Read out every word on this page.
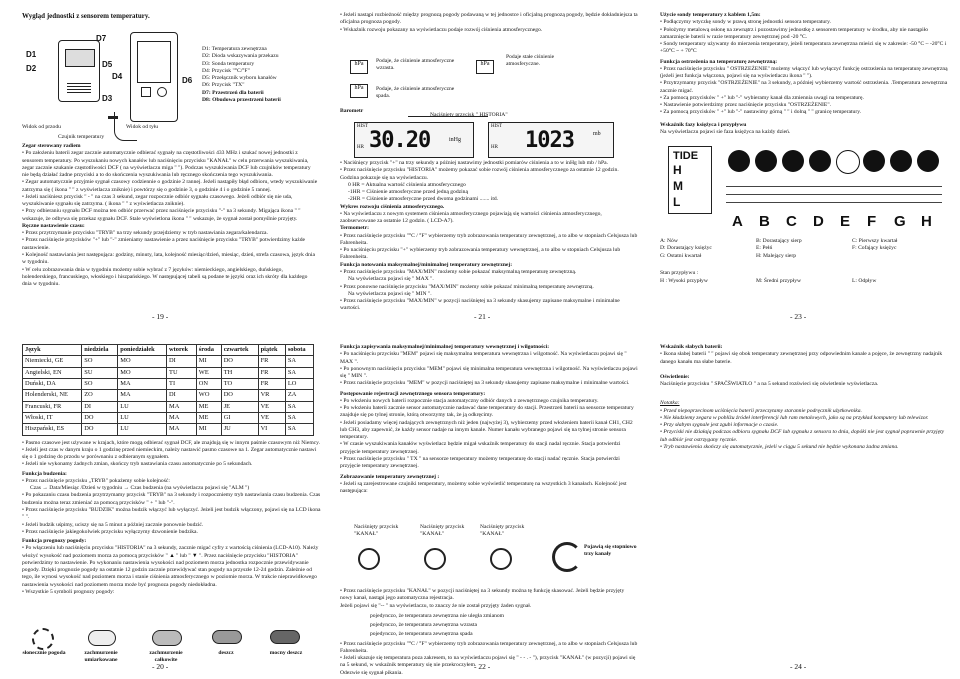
Wygląd jednostki z sensorem temperatury.
D1
D2
D7
D5
D4
D3
D6
D1: Temperatura zewnętrzna
D2: Dioda wskazywania przekazu
D3: Sonda temperatury
D4: Przycisk "°C/°F"
D5: Przełącznik wyboru kanałów
D6: Przycisk "TX"
D7: Przestrzeń dla baterii
D8: Obudowa przestrzeni baterii
Widok od przodu	Widok od tyłu
Czujnik temperatury
Zegar sterowany radiem

• Po założeniu baterii zegar zacznie automatycznie odbierać sygnały na częstotliwości 433 MHz i szukać nowej jednostki z sensorem temperatury. Po wyszukaniu nowych kanałów lub naciśnięciu przycisku "KANAŁ" w celu przerwania wyszukiwania, zegar zacznie szukanie częstotliwości DCF ( na wyświetlaczu miga " "). Podczas wyszukiwania DCF lub czujników temperatury nie będą działać żadne przyciski a to do skończenia wyszukiwania lub ręcznego skończenia tego wyszukiwania.

• Zegar automatycznie przyjmie sygnał czasowy codziennie o godzinie 2 rannej. Jeżeli nastąpiły błąd odbioru, wtedy wyszukiwanie zatrzyma się ( ikona " " z wyświetlacza zniknie) i powtórzy się o godzinie 3, o godzinie 4 i o godzinie 5 rannej.

• Jeżeli naciśniesz przycisk " - " na czas 3 sekund, zegar rozpocznie odbiór sygnału czasowego. Jeżeli odbiór się nie uda, wyszukiwanie sygnału się zatrzyma. ( ikona " " z wyświetlacza zniknie).

• Przy odbieraniu sygnału DCF można ten odbiór przerwać przez naciśnięcie przycisku "-" na 3 sekundy. Migająca ikona " " wskazuje, że odbywa się przekaz sygnału DCF. Stale wyświetlona ikona " " wskazuje, że sygnał został pomyślnie przyjęty.

Ręczne nastawienie czasu:

• Przez przytrzymanie przycisku "TRYB" na trzy sekundy przejdziemy w tryb nastawiania zegara/kalendarza.

• Przez naciśnięcie przycisków "+" lub "-" zmieniamy nastawienie a przez naciśnięcie przycisku "TRYB" potwierdzimy każde nastawienie.

• Kolejność nastawiania jest następująca: godziny, minuty, lata, kolejność miesiąc/dzień, miesiąc, dzień, strefa czasowa, język dnia w tygodniu.

• W celu zobrazowania dnia w tygodniu możemy sobie wybrać z 7 języków: niemieckiego, angielskiego, duńskiego, holenderskiego, francuskiego, włoskiego i hiszpańskiego. W następującej tabeli są podane te języki oraz ich skróty dla każdego dnia w tygodniu.

- 19 -

• Jeżeli nastąpi rozbieżność między prognozą pogody podawaną w tej jednostce i oficjalną prognozą pogody, będzie dokładniejsza ta oficjalna prognoza pogody.

• Wskaźnik rozwoju pokazany na wyświetlaczu podaje rozwój ciśnienia atmosferycznego.

hPa	Podaje, że ciśnienie atmosferyczne wzrasta.
hPa
Podaje stałe ciśnienie atmosferyczne.
hPa	Podaje, że ciśnienie atmosferyczne spada.
Barometr
Naciśnięty przycisk " HISTORIA"
HIST
HR 30.20	inHg
HIST
HR 1023	mb

• Naciśnięcy przycisk "+" na trzy sekundy a później nastawimy jednostki pomiarów ciśnienia a to w inHg lub mb / hPa.

• Przez naciśnięcie przycisku "HISTORIA" możemy pokazać sobie rozwój ciśnienia atmosferycznego za ostatnie 12 godzin. Godzina pokazuje się na wyświetlaczu.

0 HR = Aktualna wartość ciśnienia atmosferycznego

-1HR = Ciśnienie atmosferyczne przed jedną godziną

-2HR = Ciśnienie atmosferyczne przed dwoma godzinami ....... itd.

Wykres rozwoju ciśnienia atmosferycznego.

• Na wyświetlaczu z nowym systemem ciśnienia atmosferycznego pojawiają się wartości ciśnienia atmosferycznego, zaobserwowane za ostatnie 12 godzin. ( LCD-A7).

Termometr:

• Przez naciśnięcie przycisku "°C / °F" wybierzemy tryb zobrazowania temperatury zewnętrznej, a to albo w stopniach Celsjusza lub Fahrenheita.

• Po naciśnięciu przycisku "+" wybierzemy tryb zobrazowania temperatury wewnętrznej, a to albo w stopniach Celsjusza lub Fahrenheita.

Funkcja notowania maksymalnej/minimalnej temperatury zewnętrznej:

• Przez naciśnięcie przycisku "MAX/MIN" możemy sobie pokazać maksymalną temperaturę zewnętrzną.

Na wyświetlaczu pojawi się " MAX ".

• Przez ponowne naciśnięcie przycisku "MAX/MIN" możemy sobie pokazać minimalną temperaturę zewnętrzną.

Na wyświetlaczu pojawi się " MIN ".

• Przez naciśnięcie przycisku "MAX/MIN" w pozycji naciśniętej na 3 sekundy skasujemy zapisane maksymalne i minimalne wartości.

- 21 -
Użycie sondy temperatury z kablem 1,5m:

• Podłączymy wtyczkę sondy w prawą stronę jednostki sensora temperatury.

• Położymy metalową osłonę na zewnątrz i pozostawimy jednostkę z sensorem temperatury w środku, aby nie nastąpiło zamarznięcie baterii w razie temperatury zewnętrznej pod -20 °C.

• Sondy temperatury używamy do mierzenia temperatury, jeżeli temperatura zewnętrzna mieści się w zakresie: -50 °C ~ -20°C i +50°C ~ + 70°C

Funkcja ostrzeżenia na temperaturę zewnętrzną:

• Przez naciśnięcie przycisku " OSTRZEŻENIE" możemy włączyć lub wyłączyć funkcję ostrzeżenia na temperaturę zewnętrzną (jeżeli jest funkcja włączona, pojawi się na wyświetlaczu ikona " ").

• Przytrzymamy przycisk "OSTRZEŻENIE" na 3 sekundy, a później wybierzemy wartość ostrzeżenia. .Temperatura zewnętrzna zacznie migać.

• Za pomocą przycisków " +" lub "-" wybieramy kanał dla zmiennia uwagi na temperaturę.

• Nastawienie potwierdzimy przez naciśnięcie przycisku "OSTRZEŻENIE".

• Za pomocą przycisków " +" lub "-" nastawimy górną " " i dolną " " granicę temperatury.

Wskaźnik fazy księżyca i przypływu

Na wyświetlaczu pojawi sie faza księżyca na każdy dzień.

TIDE
H
M
L
A B C D E F G H
A: Nów	B: Dorastający sierp	C: Pierwszy kwartał
D: Dorastający księżyc	E: Pełń	F: Cofający księżyc
G: Ostatni kwartał	H: Malejący sierp
Stan przypływu :
H : Wysoki przypływ	M: Średni przypływ	L: Odpływ
- 23 -
Język	niedziela	poniedziałek	wtorek	środa	czwartek	piątek	sobota
Niemiecki, GE	SO	MO	DI	MI	DO	FR	SA
Angielski, EN	SU	MO	TU	WE	TH	FR	SA
Duński, DA	SO	MA	TI	ON	TO	FR	LO
Holenderski, NE	ZO	MA	DI	WO	DO	VR	ZA
Francuski, FR	DI	LU	MA	ME	JE	VE	SA
Włoski, IT	DO	LU	MA	ME	GI	VE	SA
Hiszpański, ES	DO	LU	MA	MI	JU	VI	SA

• Pasmo czasowe jest używane w krajach, które mogą odbierać sygnał DCF, ale znajdują się w innym paśmie czasowym niż Niemcy.

• Jeżeli jest czas w danym kraju o 1 godzinę przed niemieckim, należy nastawić pasmo czasowe na 1. Zegar automatycznie nastawi się o 1 godzinę do przodu w porównaniu z odbieranym sygnałem.

• Jeżeli nie wykonamy żadnych zmian, skończy tryb nastawiania czasu automatycznie po 5 sekundach.

Funkcja budzenia:

• Przez naciśnięcie przycisku „TRYB" pokażemy sobie kolejność:

Czas → Data/Miesiąc /Dzień w tygodniu → Czas budzenia (na wyświetlaczu pojawi się "ALM ")

• Po pokazaniu czasu budzenia przytrzymamy przycisk "TRYB" na 3 sekundy i rozpoczniemy tryb nastawiania czasu budzenia. Czas budzenia można teraz zmieniać za pomocą przycisków " + " lub "-".

• Przez naciśnięcie przycisku "BUDZIK" można budzik włączyć lub wyłączyć. Jeżeli jest budzik włączony, pojawi się na LCD ikona " ".

• Jeżeli budzik uśpimy, uciszy się na 5 minut a później zacznie ponownie budzić.

• Przez naciśnięcie jakiegokolwiek przycisku wyłączymy dzwonienie budzika.

Funkcja prognozy pogody:

• Po włączeniu lub naciśnięciu przycisku "HISTORIA" na 3 sekundy, zacznie migać cyfry z wartością ciśnienia (LCD-A10). Należy włożyć wysokość nad poziomem morza za pomocą przycisków " ▲ " lub " ▼ ". Przez naciśnięcie przycisku "HISTORIA" potwierdzimy to nastawienie. Po wykonaniu nastawienia wysokości nad poziomem morza jednostka rozpocznie przewidywanie pogody. Dzięki prognozie pogody na ostatnie 12 godzin zacznie przewidywać stan pogody na przyszłe 12-24 godzin. Zależnie od tego, ile wynosi wysokość nad poziomem morza i stanie ciśnienia atmosferycznego w poziomie morza. W trakcie nieprawidłowego nastawienia wysokości nad poziomem morza może być prognoza pogody niedokładna.

• Wszystkie 5 symboli prognozy pogody:

słonecznie pogoda	zachmurzenie umiarkowane
zachmurzenie całkowite
deszcz	mocny deszcz
- 20 -
Funkcja zapisywania maksymalnej/minimalnej temperatury wewnętrznej i wilgotności:

• Po naciśnięciu przycisku "MEM" pojawi się maksymalna temperatura wewnętrzna i wilgotność. Na wyświetlaczu pojawi się " MAX ".

• Po ponownym naciśnięciu przycisku "MEM" pojawi się minimalna temperatura wewnętrzna i wilgotność. Na wyświetlaczu pojawi się " MIN ".

• Przez naciśnięcie przycisku "MEM" w pozycji naciśniętej na 3 sekundy skasujemy zapisane maksymalne i minimalne wartości.

Postępowanie rejestracji zewnętrznego sensora temperatury:

• Po włożeniu nowych baterii rozpocznie stacja automatyczny odbiór danych z zewnętrznego czujnika temperatury.

• Po włożeniu baterii zacznie sensor automatycznie nadawać dane temperatury do stacji. Przestrzeń baterii na sensorze temperatury znajduje się po tylnej stronie, którą otworzymy tak, że ją odkręcimy.

• Jeżeli posiadamy więcej nadających zewnętrznych niż jeden (najwyżej 3), wybierzemy przed włożeniem baterii kanał CH1, CH2 lub CH3, aby zapewnić, że każdy sensor nadaje na innym kanale. Numer kanału wybranego pojawi się na tylnej stronie sensora temperatury.

• W czasie wyszukiwania kanałów wyświetlacz będzie migał wskaźnik temperatury do stacji nadal ręcznie. Stacja potwierdzi przyjęcie temperatury zewnętrznej.

• Przez naciśnięcie przycisku " TX " na sensorze temperatury możemy temperaturę do stacji nadać ręcznie. Stacja potwierdzi przyjęcie temperatury zewnętrznej.

Zobrazowanie temperatury zewnętrznej :

• Jeżeli są zarejestrowane czujniki temperatury, możemy sobie wyświetlić temperaturę na wszystkich 3 kanałach. Kolejność jest następująca:

Naciśnięty przycisk "KANAŁ"
Naciśnięty przycisk "KANAŁ"
Naciśnięty przycisk "KANAŁ"
Pojawią się stopniowo trzy kanały

• Przez naciśnięcie przycisku "KANAŁ" w pozycji naciśniętej na 3 sekundy można tę funkcję skasować. Jeżeli będzie przyjęty nowy kanał, nastąpi jego automatyczna rejestracja.

Jeżeli pojawi się "-- " na wyświetlaczu, to znaczy że nie został przyjęty żaden sygnał.

pojedynczo, że temperatura zewnętrzna nie uległa zmianom
pojedynczo, że temperatura zewnętrzna wzrasta
pojedynczo, że temperatura zewnętrzna spada

• Przez naciśnięcie przycisku "°C / °F" wybierzemy tryb zobrazowania temperatury zewnętrznej, a to albo w stopniach Celsjusza lub Fahrenheita.

• Jeżeli ukazuje się temperatura poza zakresem, to na wyświetlaczu pojawi się " - - . - "), przycisk "KANAŁ" (w pozycji) pojawi się na 5 sekund, w wskaźnik temperatury się nie przekroczyłem.

Odezwie się sygnał pikania.

- 22 -
Wskaźnik słabych baterii:

• Ikona słabej baterii " " pojawi się obok temperatury zewnętrznej przy odpowiednim kanale a pojęce, że zewnętrzny nadajnik danego kanału ma słabe baterie.

Oświetlenie:

Naciśnięcie przycisku " SPAČŠWIATŁO " a na 5 sekund rozświeci się oświetlenie wyświetlacza.

Notatka:

• Przed niepoprzecinom uciśnięcia baterii przeczytamy starannie podręcznik użytkownika.

• Nie kładziemy zegara w pobliżu źródeł interferencji lub ram metalowych, jako są na przykład komputery lub telewizor.

• Przy słabym sygnale jest zgubi informacje o czasie.

• Przyciski nie działają podczas odbioru sygnału DCF lub sygnału z sensora to dnia, dopóki nie jest sygnał poprawnie przyjęty lub odbiór jest ostrzygany ręcznie.

• Tryb nastawienia skończy się automatycznie, jeżeli w ciągu 5 sekund nie będzie wykonana żadna zmiana.

- 24 -
